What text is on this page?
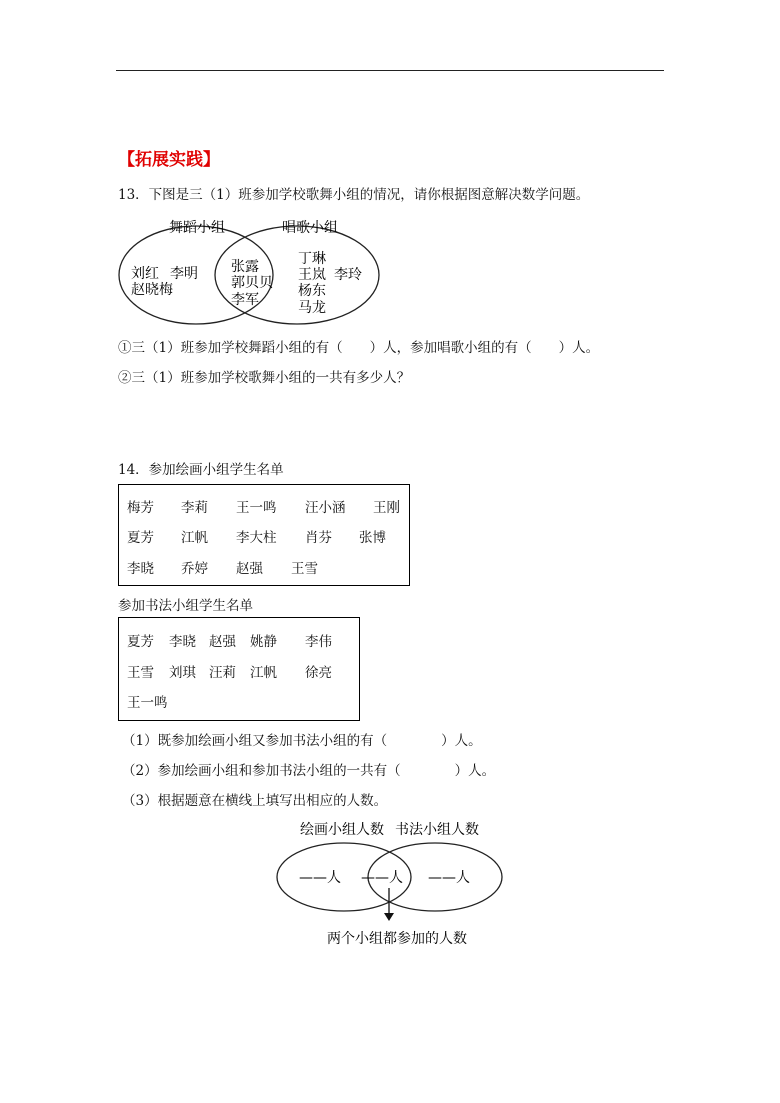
【拓展实践】
13．下图是三（1）班参加学校歌舞小组的情况，请你根据图意解决数学问题。
舞蹈小组	唱歌小组
刘红 李明
赵晓梅
张露
郭贝贝
李军
丁琳
王岚 李玲
杨东
马龙
①三（1）班参加学校舞蹈小组的有（　　）人，参加唱歌小组的有（　　）人。
②三（1）班参加学校歌舞小组的一共有多少人？
14．参加绘画小组学生名单
梅芳 李莉 王一鸣 汪小涵 王刚
夏芳 江帆 李大柱 肖芬 张博
李晓 乔婷 赵强 王雪
参加书法小组学生名单
夏芳 李晓 赵强 姚静 李伟
王雪 刘琪 汪莉 江帆 徐亮
王一鸣
（1）既参加绘画小组又参加书法小组的有（　　　　）人。
（2）参加绘画小组和参加书法小组的一共有（　　　　）人。
（3）根据题意在横线上填写出相应的人数。
绘画小组人数 书法小组人数
——人 ——人 ——人
两个小组都参加的人数
